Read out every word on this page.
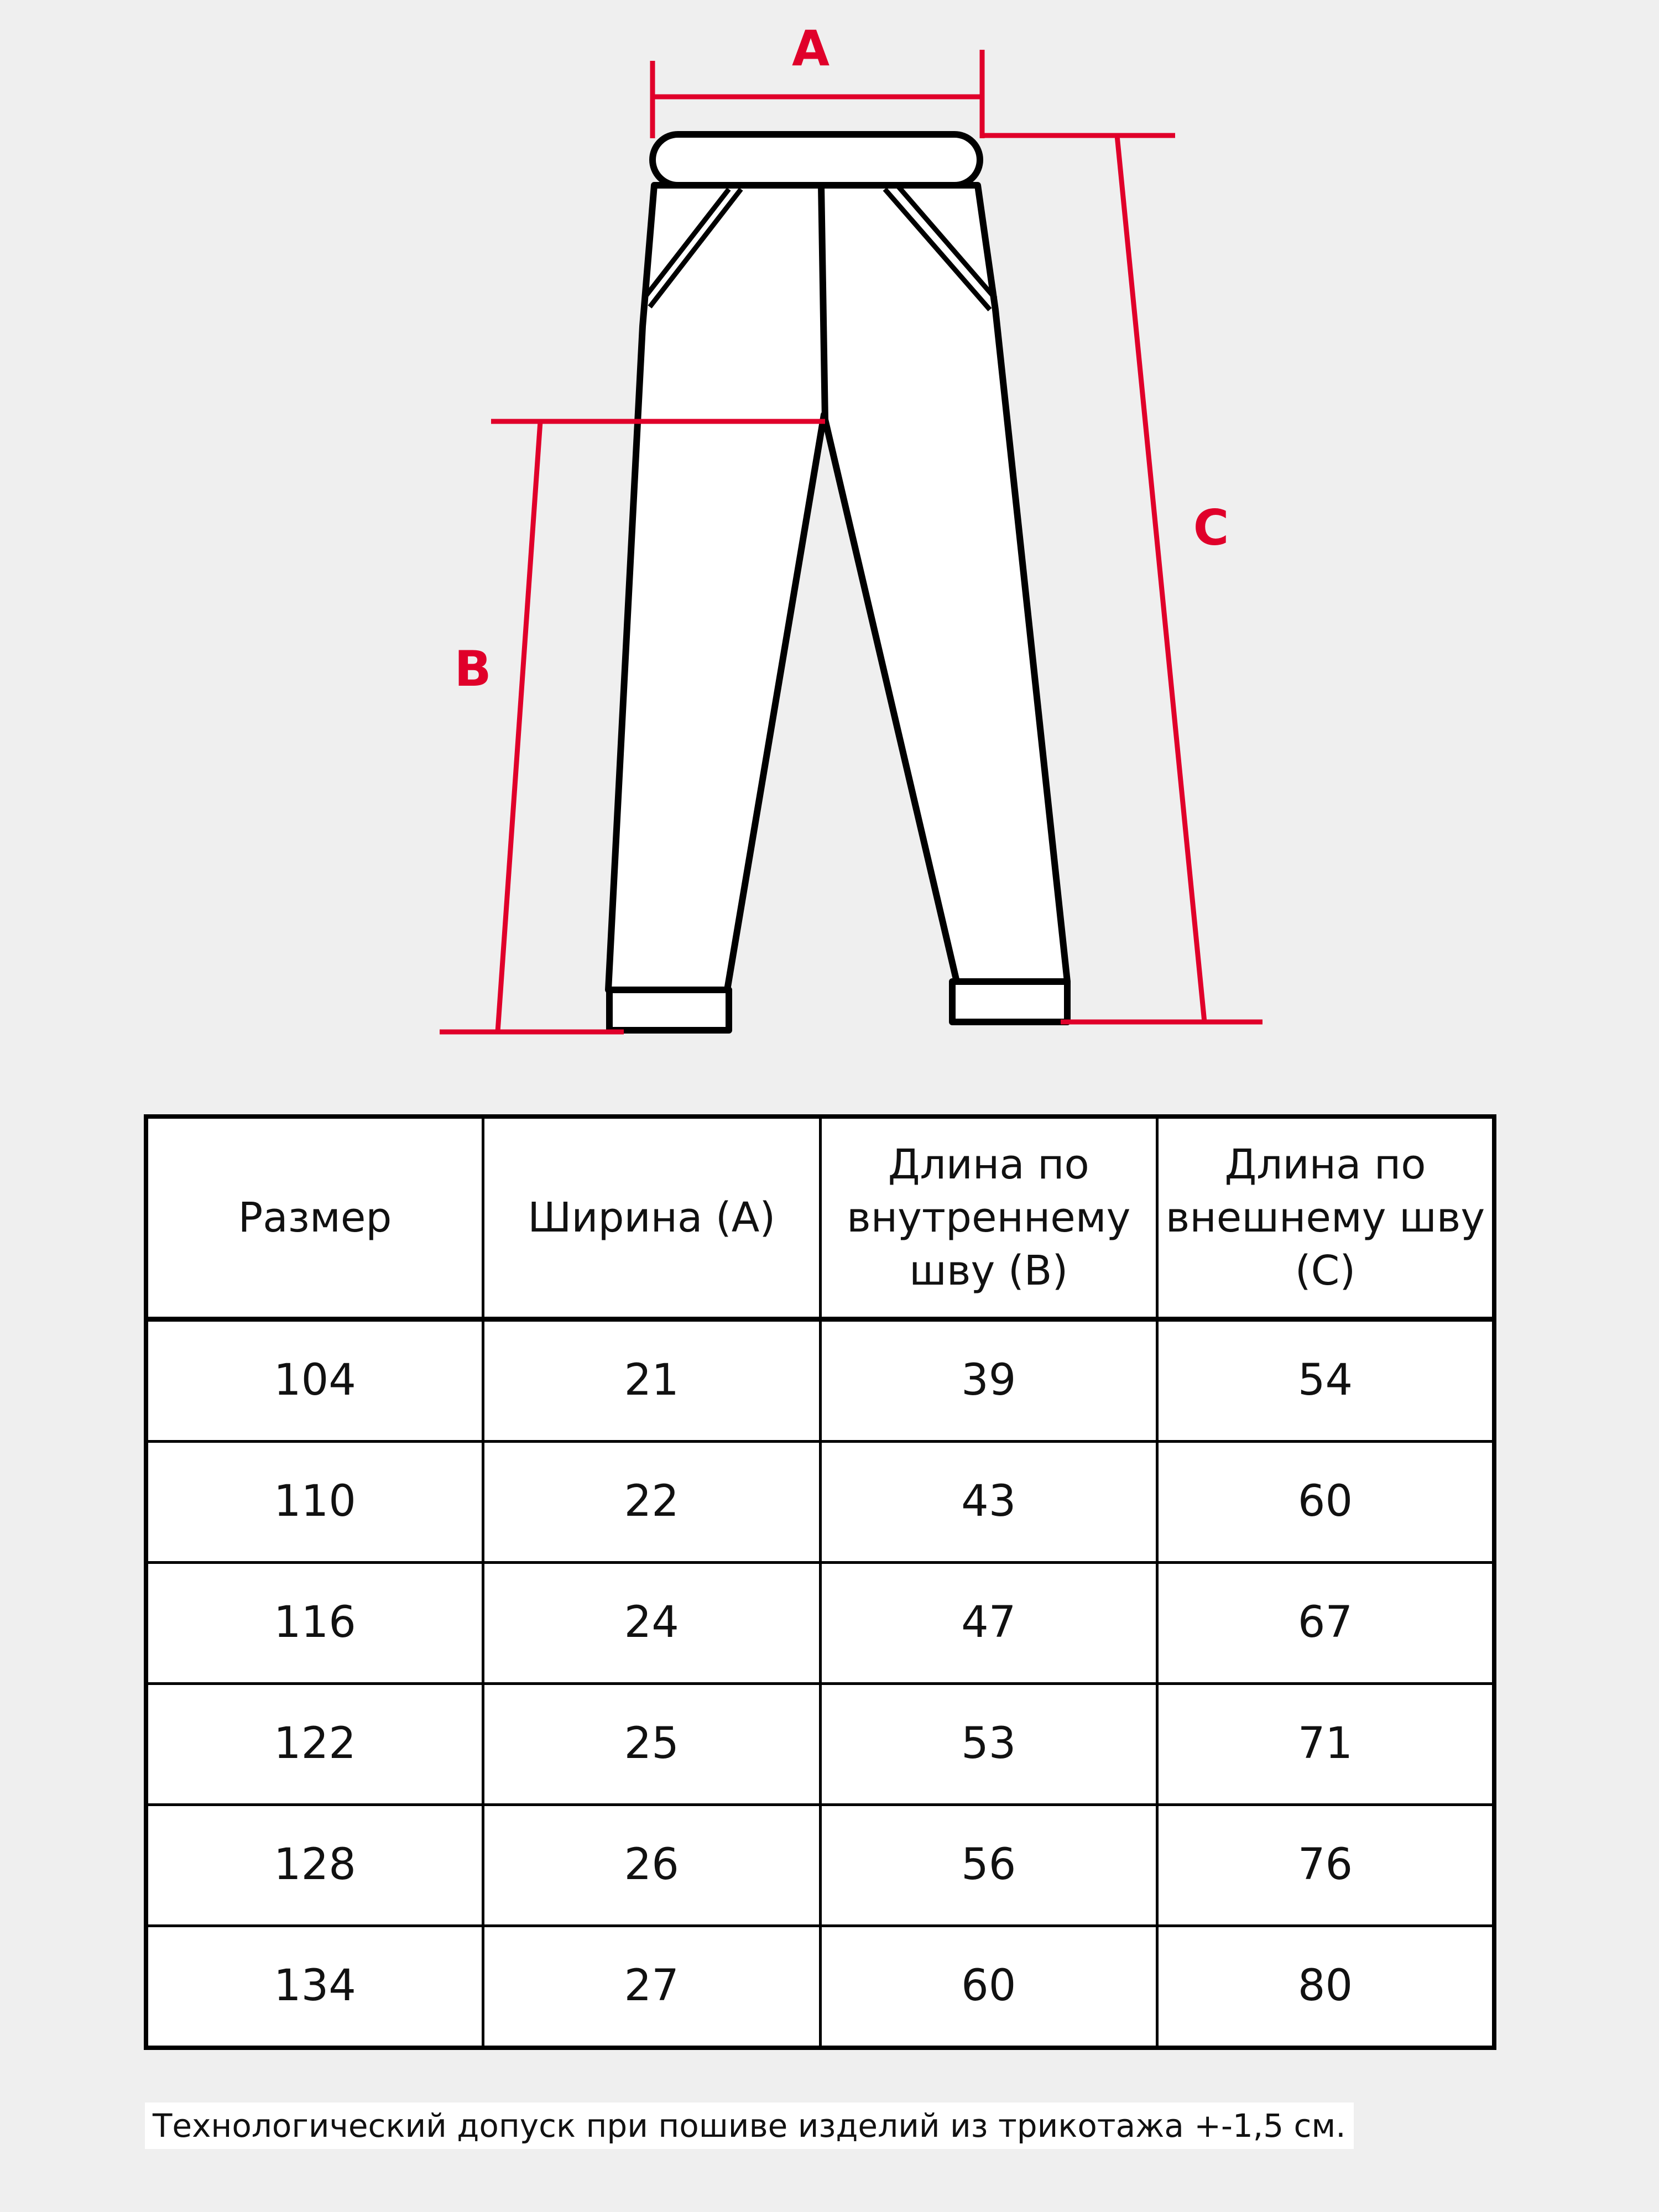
A
B
C
Размер	Ширина (А)	Длина по внутреннему шву (В)	Длина по внешнему шву (С)
104	21	39	54
110	22	43	60
116	24	47	67
122	25	53	71
128	26	56	76
134	27	60	80
Технологический допуск при пошиве изделий из трикотажа +-1,5 см.
